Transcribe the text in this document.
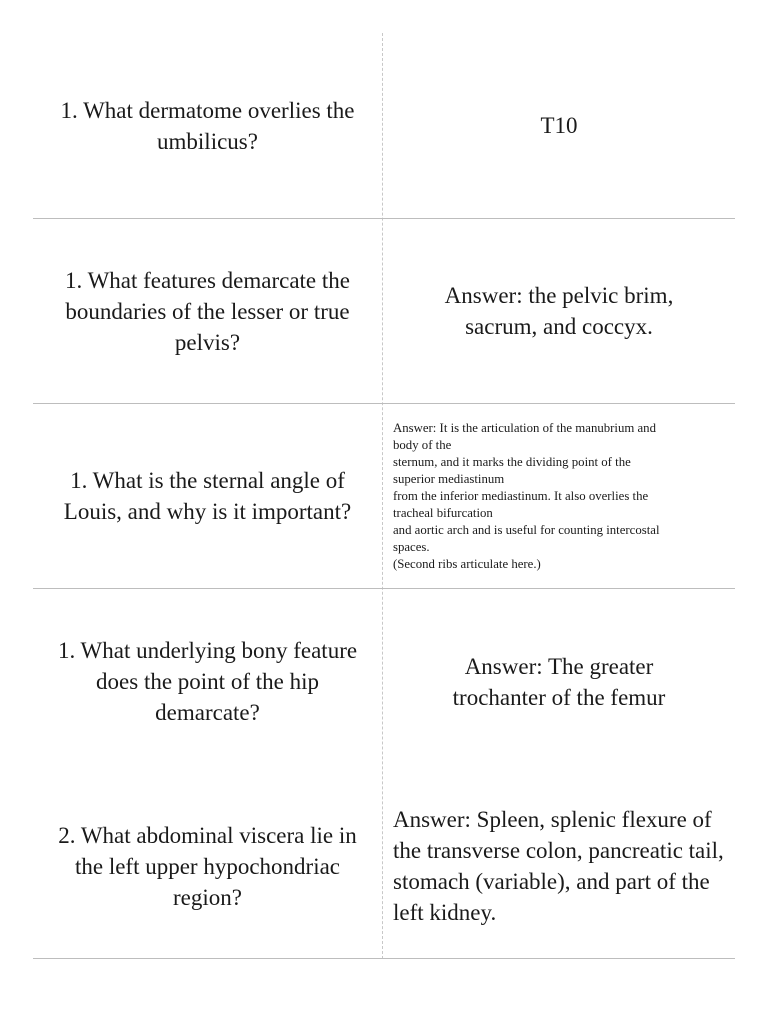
1. What dermatome overlies the umbilicus?
T10
1. What features demarcate the boundaries of the lesser or true pelvis?
Answer: the pelvic brim, sacrum, and coccyx.
1. What is the sternal angle of Louis, and why is it important?
Answer: It is the articulation of the manubrium and
body of the
sternum, and it marks the dividing point of the
superior mediastinum
from the inferior mediastinum. It also overlies the
tracheal bifurcation
and aortic arch and is useful for counting intercostal
spaces.
(Second ribs articulate here.)
1. What underlying bony feature does the point of the hip demarcate?
Answer: The greater trochanter of the femur
2. What abdominal viscera lie in the left upper hypochondriac region?
Answer: Spleen, splenic flexure of the transverse colon, pancreatic tail, stomach (variable), and part of the left kidney.
